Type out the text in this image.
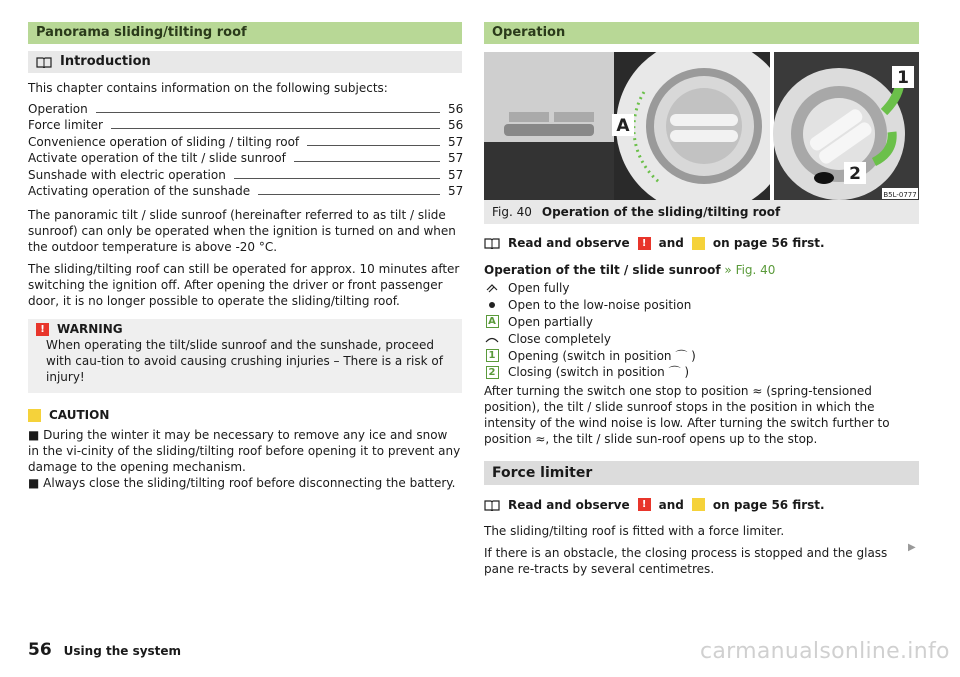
Panorama sliding/tilting roof
Introduction

This chapter contains information on the following subjects:

Operation	56
Force limiter	56
Convenience operation of sliding / tilting roof	57
Activate operation of the tilt / slide sunroof	57
Sunshade with electric operation	57
Activating operation of the sunshade	57

The panoramic tilt / slide sunroof (hereinafter referred to as tilt / slide sunroof) can only be operated when the ignition is turned on and when the outdoor temperature is above -20 °C.

The sliding/tilting roof can still be operated for approx. 10 minutes after switching the ignition off. After opening the driver or front passenger door, it is no longer possible to operate the sliding/tilting roof.

!	WARNING
When operating the tilt/slide sunroof and the sunshade, proceed with cau-tion to avoid causing crushing injuries – There is a risk of injury!
!	CAUTION
■ During the winter it may be necessary to remove any ice and snow in the vi-cinity of the sliding/tilting roof before opening it to prevent any damage to the opening mechanism.
■ Always close the sliding/tilting roof before disconnecting the battery.
Operation
A
1
2
B5L-0777
Fig. 40 Operation of the sliding/tilting roof
Read and observe	!	and	!	on page 56 first.

Operation of the tilt / slide sunroof » Fig. 40

Open fully
Open to the low-noise position
A Open partially
Close completely
1 Opening (switch in position ⌒ )
2 Closing (switch in position ⌒ )

After turning the switch one stop to position ≈ (spring-tensioned position), the tilt / slide sunroof stops in the position in which the intensity of the wind noise is low. After turning the switch further to position ≈, the tilt / slide sun-roof opens up to the stop.

Force limiter
Read and observe	!	and	!	on page 56 first.

The sliding/tilting roof is fitted with a force limiter.

If there is an obstacle, the closing process is stopped and the glass pane re-tracts by several centimetres.

▶
56 Using the system	carmanualsonline.info
